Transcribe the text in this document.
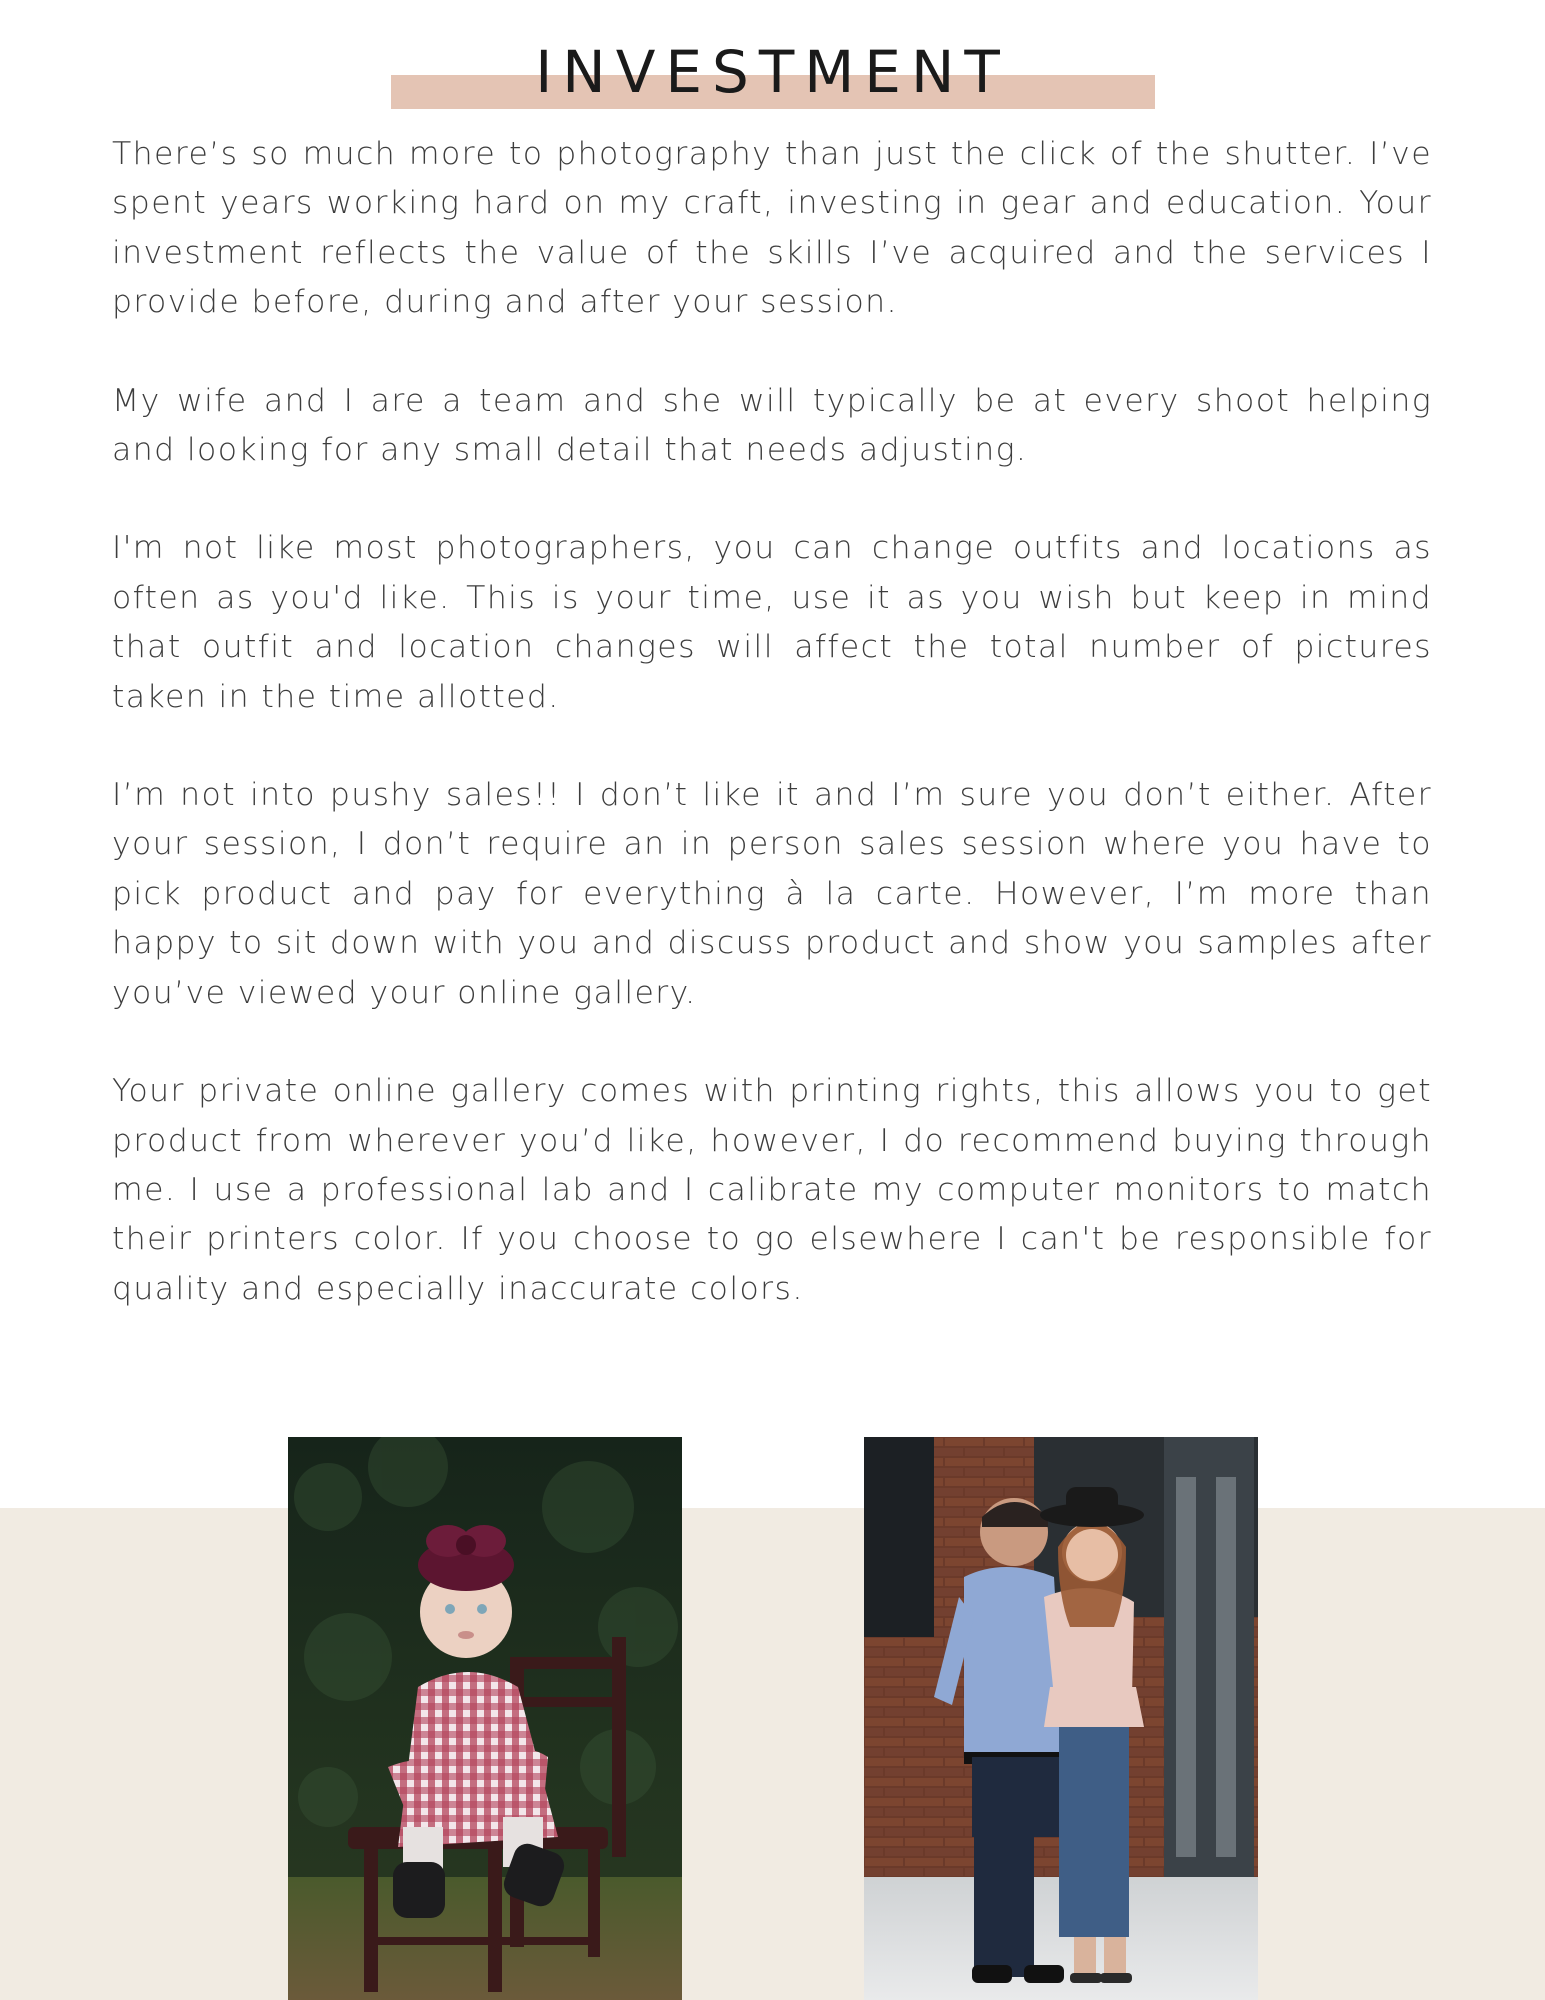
INVESTMENT

There’s so much more to photography than just the click of the shutter. I’ve spent years working hard on my craft, investing in gear and education. Your investment reflects the value of the skills I’ve acquired and the services I provide before, during and after your session.

My wife and I are a team and she will typically be at every shoot helping and looking for any small detail that needs adjusting.

I'm not like most photographers, you can change outfits and locations as often as you'd like. This is your time, use it as you wish but keep in mind that outfit and location changes will affect the total number of pictures taken in the time allotted.

I’m not into pushy sales!! I don’t like it and I’m sure you don’t either. After your session, I don’t require an in person sales session where you have to pick product and pay for everything à la carte. However, I’m more than happy to sit down with you and discuss product and show you samples after you’ve viewed your online gallery.

Your private online gallery comes with printing rights, this allows you to get product from wherever you’d like, however, I do recommend buying through me. I use a professional lab and I calibrate my computer monitors to match their printers color. If you choose to go elsewhere I can't be responsible for quality and especially inaccurate colors.
